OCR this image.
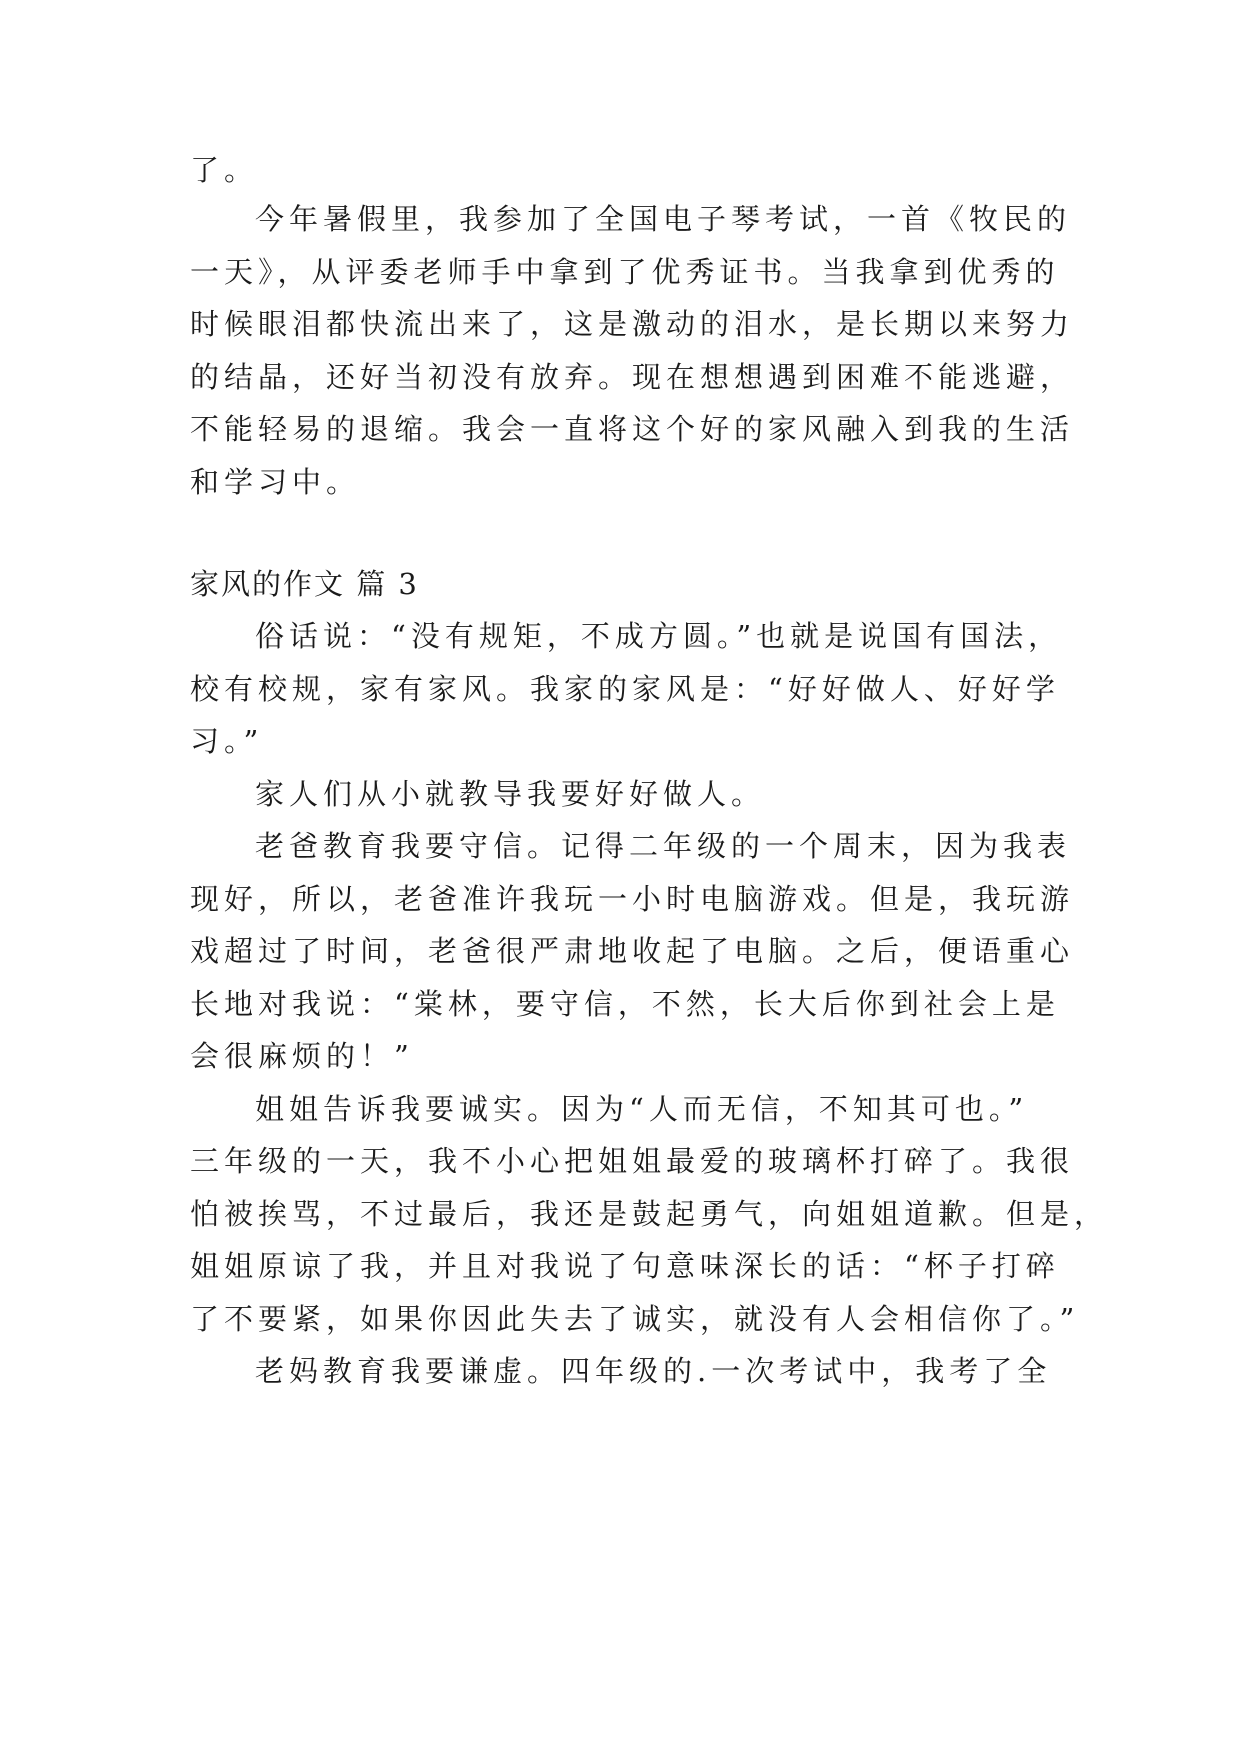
了。

今年暑假里，我参加了全国电子琴考试，一首《牧民的

一天》，从评委老师手中拿到了优秀证书。当我拿到优秀的

时候眼泪都快流出来了，这是激动的泪水，是长期以来努力

的结晶，还好当初没有放弃。现在想想遇到困难不能逃避，

不能轻易的退缩。我会一直将这个好的家风融入到我的生活

和学习中。

家风的作文 篇 3

俗话说：“没有规矩，不成方圆。”也就是说国有国法，

校有校规，家有家风。我家的家风是：“好好做人、好好学

习。”

家人们从小就教导我要好好做人。

老爸教育我要守信。记得二年级的一个周末，因为我表

现好，所以，老爸准许我玩一小时电脑游戏。但是，我玩游

戏超过了时间，老爸很严肃地收起了电脑。之后，便语重心

长地对我说：“棠林，要守信，不然，长大后你到社会上是

会很麻烦的！”

姐姐告诉我要诚实。因为“人而无信，不知其可也。”

三年级的一天，我不小心把姐姐最爱的玻璃杯打碎了。我很

怕被挨骂，不过最后，我还是鼓起勇气，向姐姐道歉。但是，

姐姐原谅了我，并且对我说了句意味深长的话：“杯子打碎

了不要紧，如果你因此失去了诚实，就没有人会相信你了。”

老妈教育我要谦虚。四年级的.一次考试中，我考了全
